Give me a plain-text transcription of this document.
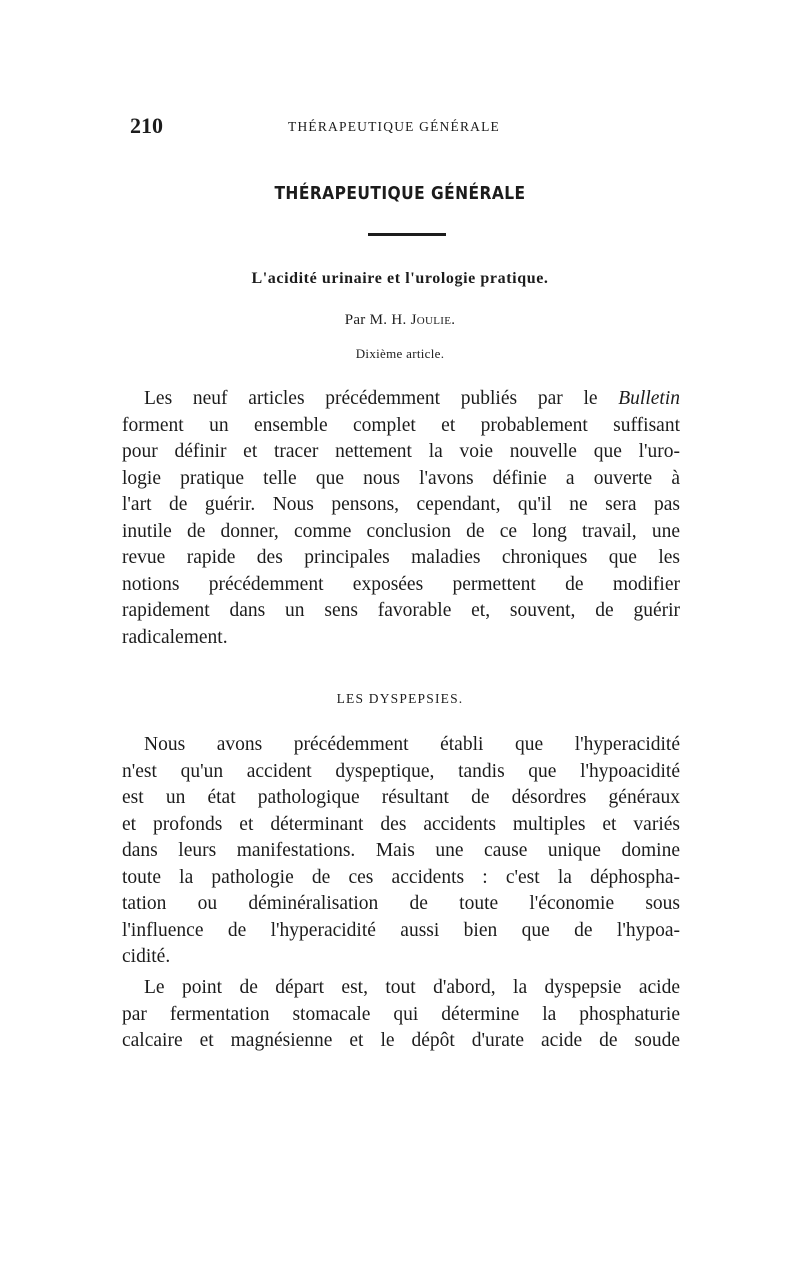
210	THÉRAPEUTIQUE GÉNÉRALE
THÉRAPEUTIQUE GÉNÉRALE
L'acidité urinaire et l'urologie pratique.
Par M. H. Joulie.
Dixième article.
Les neuf articles précédemment publiés par le Bulletin
forment un ensemble complet et probablement suffisant
pour définir et tracer nettement la voie nouvelle que l'uro-
logie pratique telle que nous l'avons définie a ouverte à
l'art de guérir. Nous pensons, cependant, qu'il ne sera pas
inutile de donner, comme conclusion de ce long travail, une
revue rapide des principales maladies chroniques que les
notions précédemment exposées permettent de modifier
rapidement dans un sens favorable et, souvent, de guérir
radicalement.
LES DYSPEPSIES.
Nous avons précédemment établi que l'hyperacidité
n'est qu'un accident dyspeptique, tandis que l'hypoacidité
est un état pathologique résultant de désordres généraux
et profonds et déterminant des accidents multiples et variés
dans leurs manifestations. Mais une cause unique domine
toute la pathologie de ces accidents : c'est la déphospha-
tation ou déminéralisation de toute l'économie sous
l'influence de l'hyperacidité aussi bien que de l'hypoa-
cidité.
Le point de départ est, tout d'abord, la dyspepsie acide
par fermentation stomacale qui détermine la phosphaturie
calcaire et magnésienne et le dépôt d'urate acide de soude
